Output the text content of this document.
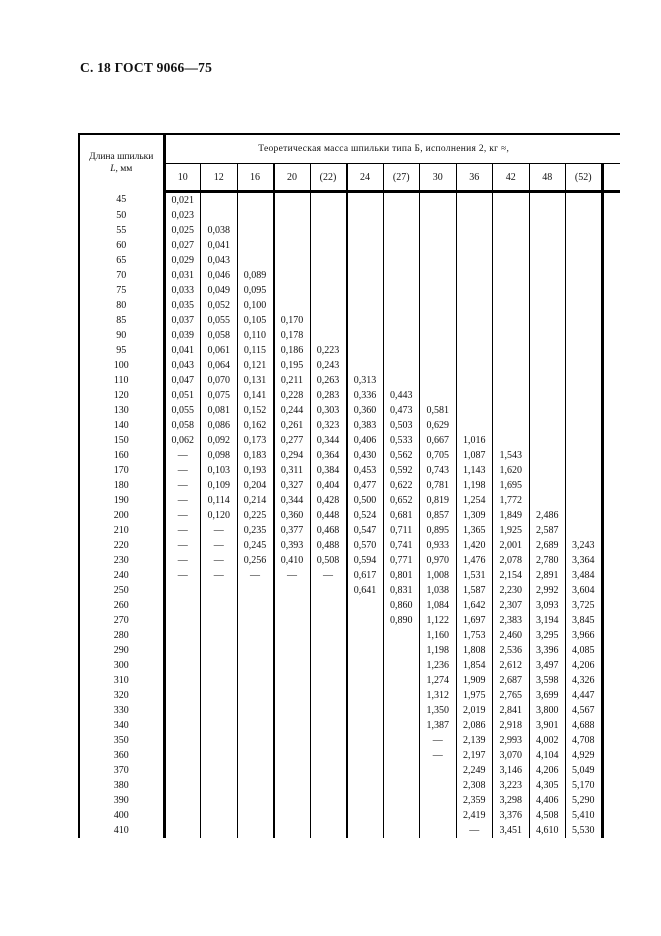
С. 18 ГОСТ 9066—75
Длина шпильки
L, мм	Теоретическая масса шпильки типа Б, исполнения 2, кг ≈,											
	10	12	16	20	(22)	24	(27)	30	36	42	48	(52)
45	0,021											
50	0,023											
55	0,025	0,038										
60	0,027	0,041										
65	0,029	0,043										
70	0,031	0,046	0,089									
75	0,033	0,049	0,095									
80	0,035	0,052	0,100									
85	0,037	0,055	0,105	0,170								
90	0,039	0,058	0,110	0,178								
95	0,041	0,061	0,115	0,186	0,223							
100	0,043	0,064	0,121	0,195	0,243							
110	0,047	0,070	0,131	0,211	0,263	0,313						
120	0,051	0,075	0,141	0,228	0,283	0,336	0,443					
130	0,055	0,081	0,152	0,244	0,303	0,360	0,473	0,581				
140	0,058	0,086	0,162	0,261	0,323	0,383	0,503	0,629				
150	0,062	0,092	0,173	0,277	0,344	0,406	0,533	0,667	1,016			
160	—	0,098	0,183	0,294	0,364	0,430	0,562	0,705	1,087	1,543		
170	—	0,103	0,193	0,311	0,384	0,453	0,592	0,743	1,143	1,620		
180	—	0,109	0,204	0,327	0,404	0,477	0,622	0,781	1,198	1,695		
190	—	0,114	0,214	0,344	0,428	0,500	0,652	0,819	1,254	1,772		
200	—	0,120	0,225	0,360	0,448	0,524	0,681	0,857	1,309	1,849	2,486	
210	—	—	0,235	0,377	0,468	0,547	0,711	0,895	1,365	1,925	2,587	
220	—	—	0,245	0,393	0,488	0,570	0,741	0,933	1,420	2,001	2,689	3,243
230	—	—	0,256	0,410	0,508	0,594	0,771	0,970	1,476	2,078	2,780	3,364
240	—	—	—	—	—	0,617	0,801	1,008	1,531	2,154	2,891	3,484
250						0,641	0,831	1,038	1,587	2,230	2,992	3,604
260							0,860	1,084	1,642	2,307	3,093	3,725
270							0,890	1,122	1,697	2,383	3,194	3,845
280								1,160	1,753	2,460	3,295	3,966
290								1,198	1,808	2,536	3,396	4,085
300								1,236	1,854	2,612	3,497	4,206
310								1,274	1,909	2,687	3,598	4,326
320								1,312	1,975	2,765	3,699	4,447
330								1,350	2,019	2,841	3,800	4,567
340								1,387	2,086	2,918	3,901	4,688
350								—	2,139	2,993	4,002	4,708
360								—	2,197	3,070	4,104	4,929
370									2,249	3,146	4,206	5,049
380									2,308	3,223	4,305	5,170
390									2,359	3,298	4,406	5,290
400									2,419	3,376	4,508	5,410
410									—	3,451	4,610	5,530
